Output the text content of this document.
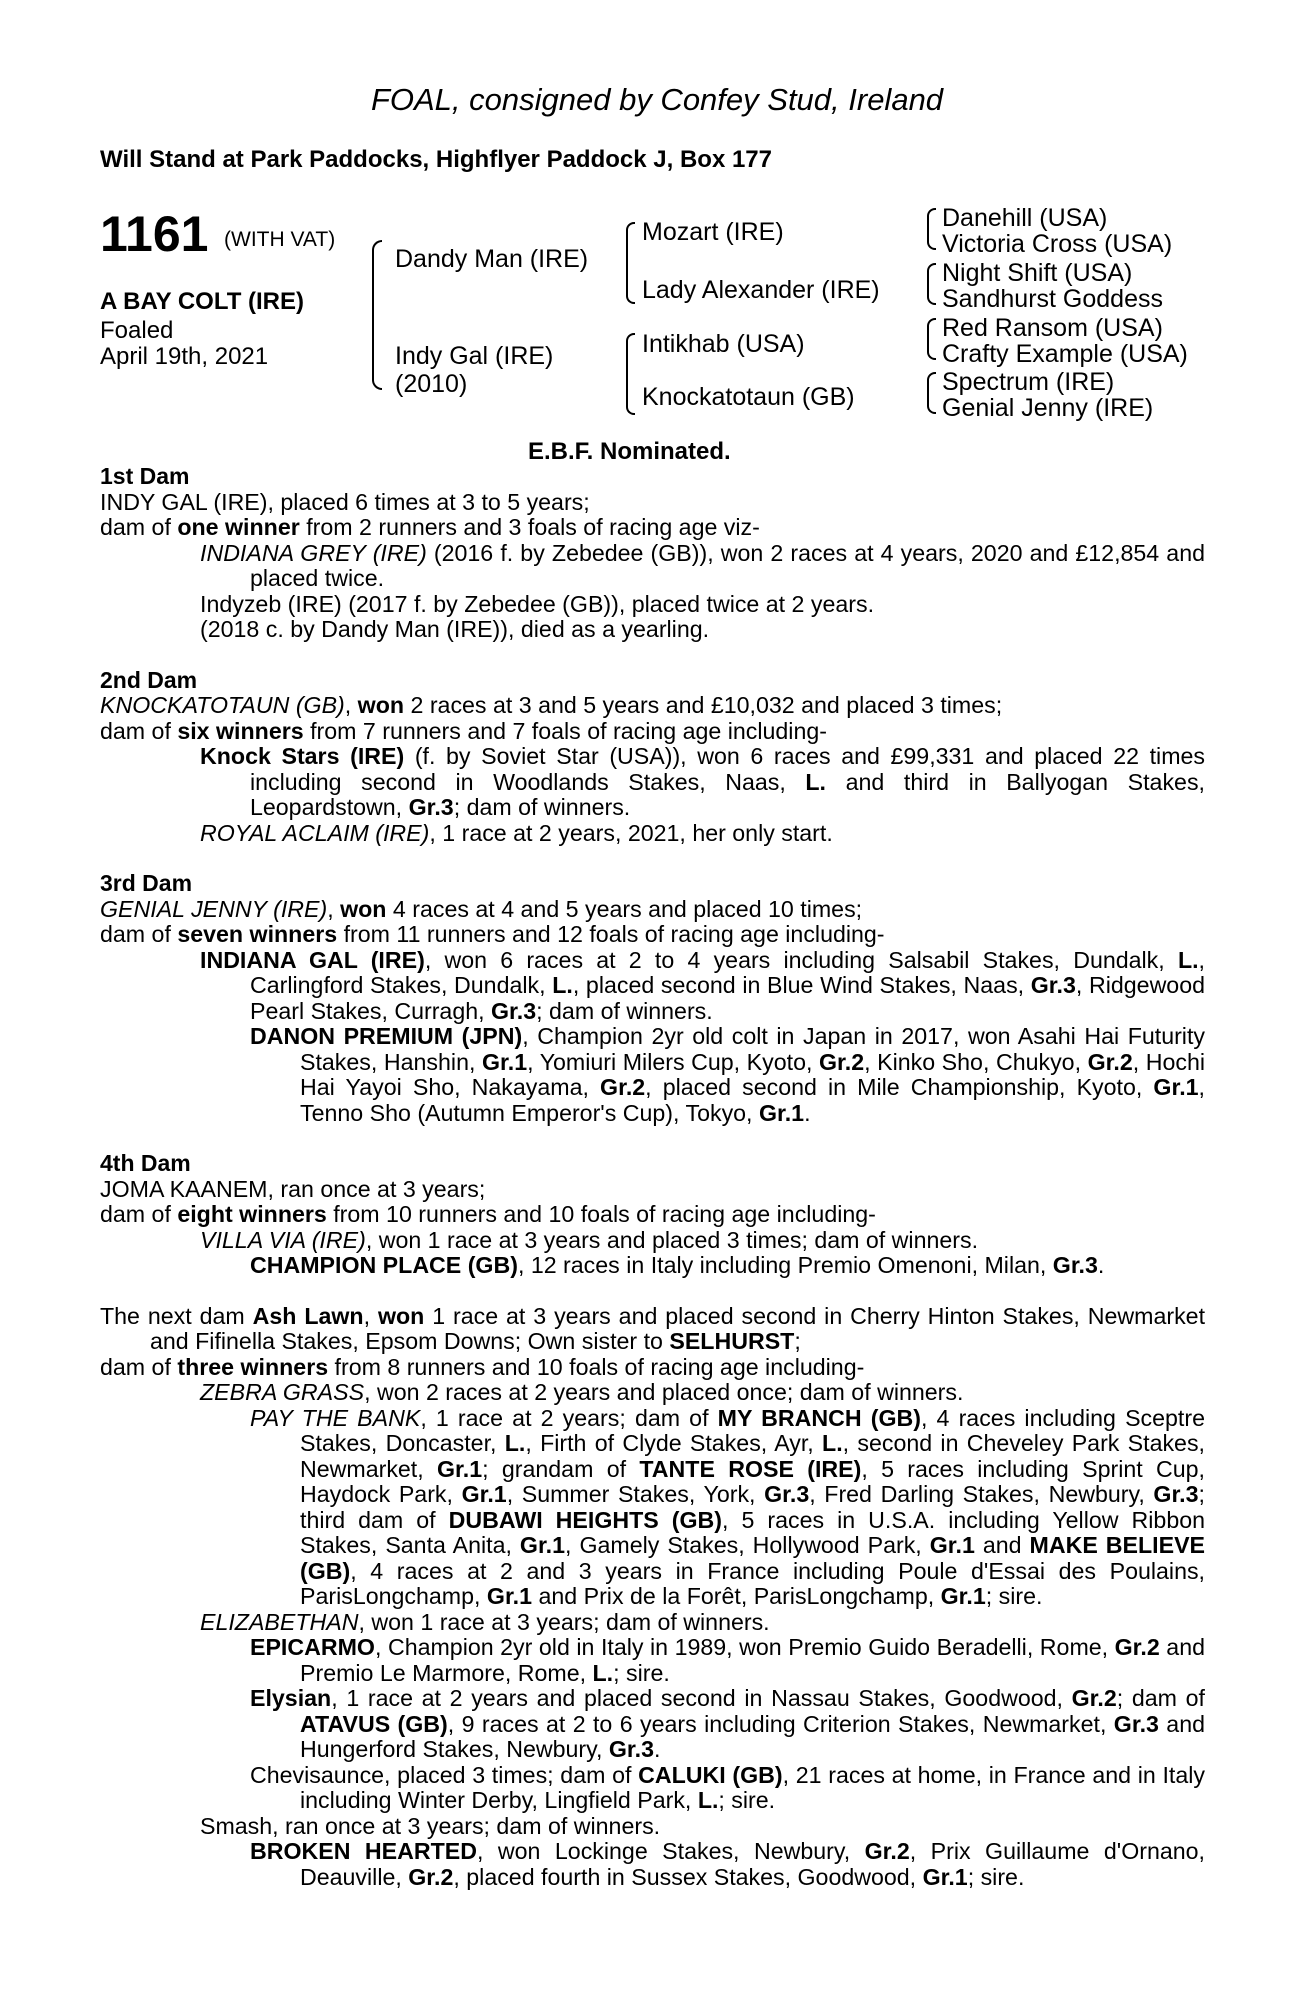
FOAL, consigned by Confey Stud, Ireland
Will Stand at Park Paddocks, Highflyer Paddock J, Box 177
1161 (WITH VAT)
A BAY COLT (IRE)
Foaled
April 19th, 2021
Dandy Man (IRE)
Indy Gal (IRE)
(2010)
Mozart (IRE)
Lady Alexander (IRE)
Intikhab (USA)
Knockatotaun (GB)
Danehill (USA)
Victoria Cross (USA)
Night Shift (USA)
Sandhurst Goddess
Red Ransom (USA)
Crafty Example (USA)
Spectrum (IRE)
Genial Jenny (IRE)
E.B.F. Nominated.

1st Dam

INDY GAL (IRE), placed 6 times at 3 to 5 years;

dam of one winner from 2 runners and 3 foals of racing age viz-

INDIANA GREY (IRE) (2016 f. by Zebedee (GB)), won 2 races at 4 years, 2020 and £12,854 and placed twice.

Indyzeb (IRE) (2017 f. by Zebedee (GB)), placed twice at 2 years.

(2018 c. by Dandy Man (IRE)), died as a yearling.

2nd Dam

KNOCKATOTAUN (GB), won 2 races at 3 and 5 years and £10,032 and placed 3 times;

dam of six winners from 7 runners and 7 foals of racing age including-

Knock Stars (IRE) (f. by Soviet Star (USA)), won 6 races and £99,331 and placed 22 times including second in Woodlands Stakes, Naas, L. and third in Ballyogan Stakes, Leopardstown, Gr.3; dam of winners.

ROYAL ACLAIM (IRE), 1 race at 2 years, 2021, her only start.

3rd Dam

GENIAL JENNY (IRE), won 4 races at 4 and 5 years and placed 10 times;

dam of seven winners from 11 runners and 12 foals of racing age including-

INDIANA GAL (IRE), won 6 races at 2 to 4 years including Salsabil Stakes, Dundalk, L., Carlingford Stakes, Dundalk, L., placed second in Blue Wind Stakes, Naas, Gr.3, Ridgewood Pearl Stakes, Curragh, Gr.3; dam of winners.

DANON PREMIUM (JPN), Champion 2yr old colt in Japan in 2017, won Asahi Hai Futurity Stakes, Hanshin, Gr.1, Yomiuri Milers Cup, Kyoto, Gr.2, Kinko Sho, Chukyo, Gr.2, Hochi Hai Yayoi Sho, Nakayama, Gr.2, placed second in Mile Championship, Kyoto, Gr.1, Tenno Sho (Autumn Emperor's Cup), Tokyo, Gr.1.

4th Dam

JOMA KAANEM, ran once at 3 years;

dam of eight winners from 10 runners and 10 foals of racing age including-

VILLA VIA (IRE), won 1 race at 3 years and placed 3 times; dam of winners.

CHAMPION PLACE (GB), 12 races in Italy including Premio Omenoni, Milan, Gr.3.

The next dam Ash Lawn, won 1 race at 3 years and placed second in Cherry Hinton Stakes, Newmarket and Fifinella Stakes, Epsom Downs; Own sister to SELHURST;

dam of three winners from 8 runners and 10 foals of racing age including-

ZEBRA GRASS, won 2 races at 2 years and placed once; dam of winners.

PAY THE BANK, 1 race at 2 years; dam of MY BRANCH (GB), 4 races including Sceptre Stakes, Doncaster, L., Firth of Clyde Stakes, Ayr, L., second in Cheveley Park Stakes, Newmarket, Gr.1; grandam of TANTE ROSE (IRE), 5 races including Sprint Cup, Haydock Park, Gr.1, Summer Stakes, York, Gr.3, Fred Darling Stakes, Newbury, Gr.3; third dam of DUBAWI HEIGHTS (GB), 5 races in U.S.A. including Yellow Ribbon Stakes, Santa Anita, Gr.1, Gamely Stakes, Hollywood Park, Gr.1 and MAKE BELIEVE (GB), 4 races at 2 and 3 years in France including Poule d'Essai des Poulains, ParisLongchamp, Gr.1 and Prix de la Forêt, ParisLongchamp, Gr.1; sire.

ELIZABETHAN, won 1 race at 3 years; dam of winners.

EPICARMO, Champion 2yr old in Italy in 1989, won Premio Guido Beradelli, Rome, Gr.2 and Premio Le Marmore, Rome, L.; sire.

Elysian, 1 race at 2 years and placed second in Nassau Stakes, Goodwood, Gr.2; dam of ATAVUS (GB), 9 races at 2 to 6 years including Criterion Stakes, Newmarket, Gr.3 and Hungerford Stakes, Newbury, Gr.3.

Chevisaunce, placed 3 times; dam of CALUKI (GB), 21 races at home, in France and in Italy including Winter Derby, Lingfield Park, L.; sire.

Smash, ran once at 3 years; dam of winners.

BROKEN HEARTED, won Lockinge Stakes, Newbury, Gr.2, Prix Guillaume d'Ornano, Deauville, Gr.2, placed fourth in Sussex Stakes, Goodwood, Gr.1; sire.
